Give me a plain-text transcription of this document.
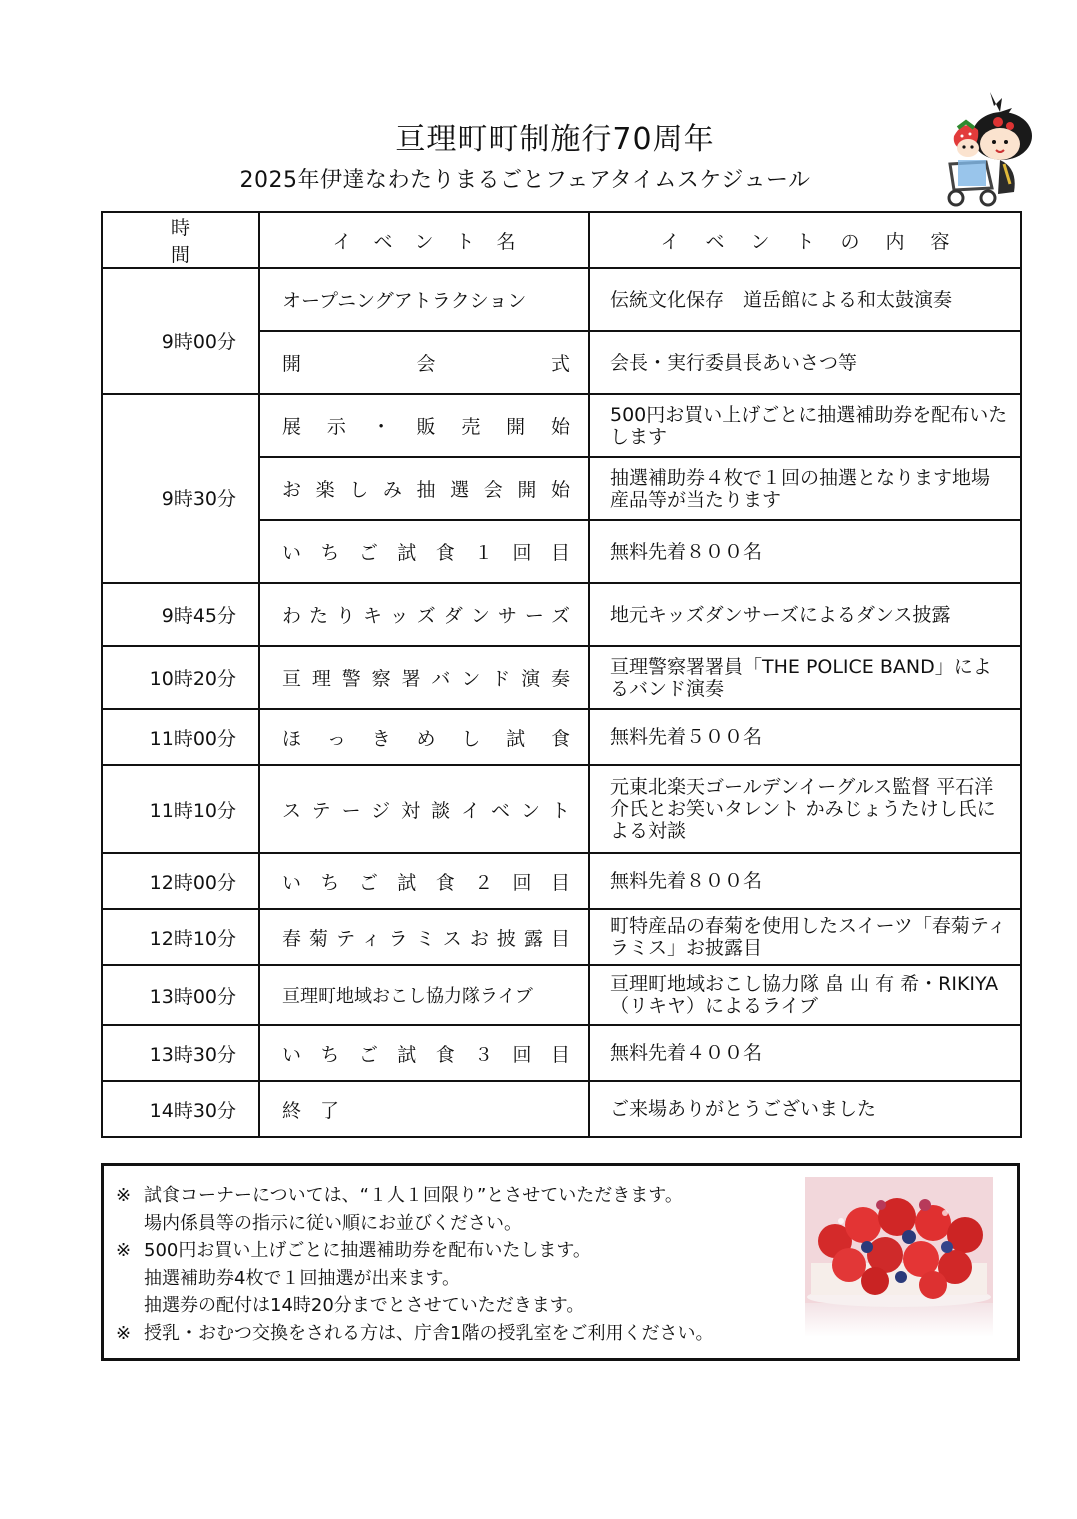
亘理町町制施行70周年
2025年伊達なわたりまるごとフェアタイムスケジュール
時間	イベント名	イベントの内容
9時00分	オープニングアトラクション	伝統文化保存　道岳館による和太鼓演奏
	開　　　会　　　式	会長・実行委員長あいさつ等
9時30分	展示・販売開始	500円お買い上げごとに抽選補助券を配布いたします
	お楽しみ抽選会開始	抽選補助券４枚で１回の抽選となります地場産品等が当たります
	いちご試食１回目	無料先着８００名
9時45分	わたりキッズダンサーズ	地元キッズダンサーズによるダンス披露
10時20分	亘理警察署バンド演奏	亘理警察署署員「THE POLICE BAND」によるバンド演奏
11時00分	ほっきめし試食	無料先着５００名
11時10分	ステージ対談イベント	元東北楽天ゴールデンイーグルス監督 平石洋介氏とお笑いタレント かみじょうたけし氏による対談
12時00分	いちご試食２回目	無料先着８００名
12時10分	春菊ティラミスお披露目	町特産品の春菊を使用したスイーツ「春菊ティラミス」お披露目
13時00分	亘理町地域おこし協力隊ライブ	亘理町地域おこし協力隊 畠 山 有 希・RIKIYA（リキヤ）によるライブ
13時30分	いちご試食３回目	無料先着４００名
14時30分	終　了	ご来場ありがとうございました
※ 試食コーナーについては、“１人１回限り”とさせていただきます。
場内係員等の指示に従い順にお並びください。
※ 500円お買い上げごとに抽選補助券を配布いたします。
抽選補助券4枚で１回抽選が出来ます。
抽選券の配付は14時20分までとさせていただきます。
※ 授乳・おむつ交換をされる方は、庁舎1階の授乳室をご利用ください。
